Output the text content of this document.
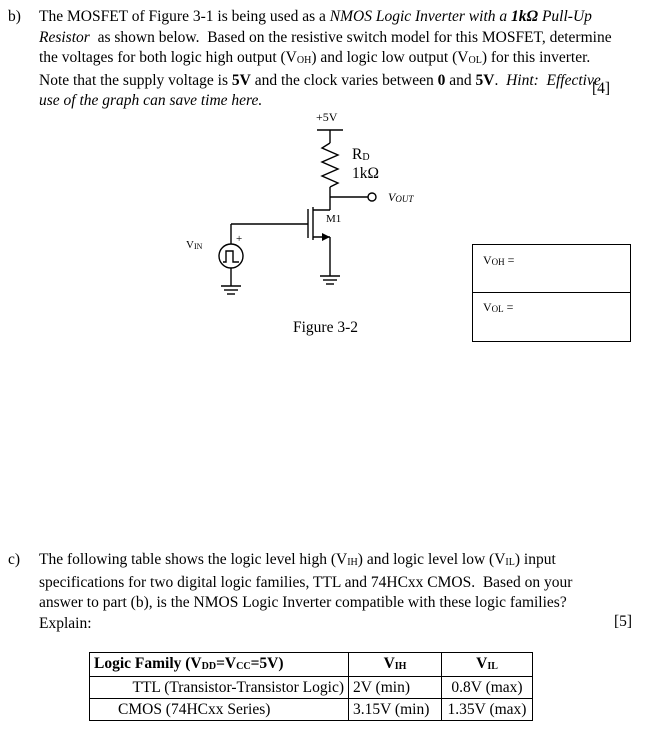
b) The MOSFET of Figure 3-1 is being used as a NMOS Logic Inverter with a 1kΩ Pull-Up
Resistor  as shown below.  Based on the resistive switch model for this MOSFET, determine
the voltages for both logic high output $(V_{OH})$ and logic low output $(V_{OL})$ for this inverter.
Note that the supply voltage is 5V and the clock varies between 0 and 5V.  Hint:  Effective
use of the graph can save time here.
[4]
+5V
$R_D$
1kΩ
$V_{OUT}$
M1
+
$V_{IN}$
Figure 3-2
$V_{OH}$ =
$V_{OL}$ =
c) The following table shows the logic level high $(V_{IH})$ and logic level low $(V_{IL})$ input
specifications for two digital logic families, TTL and 74HCxx CMOS.  Based on your
answer to part (b), is the NMOS Logic Inverter compatible with these logic families?
Explain:	[5]
Logic Family $(V_{DD}=V_{CC}=5V)$	$V_{IH}$	$V_{IL}$
TTL (Transistor-Transistor Logic)	2V (min)	0.8V (max)
CMOS (74HCxx Series)	3.15V (min)	1.35V (max)
